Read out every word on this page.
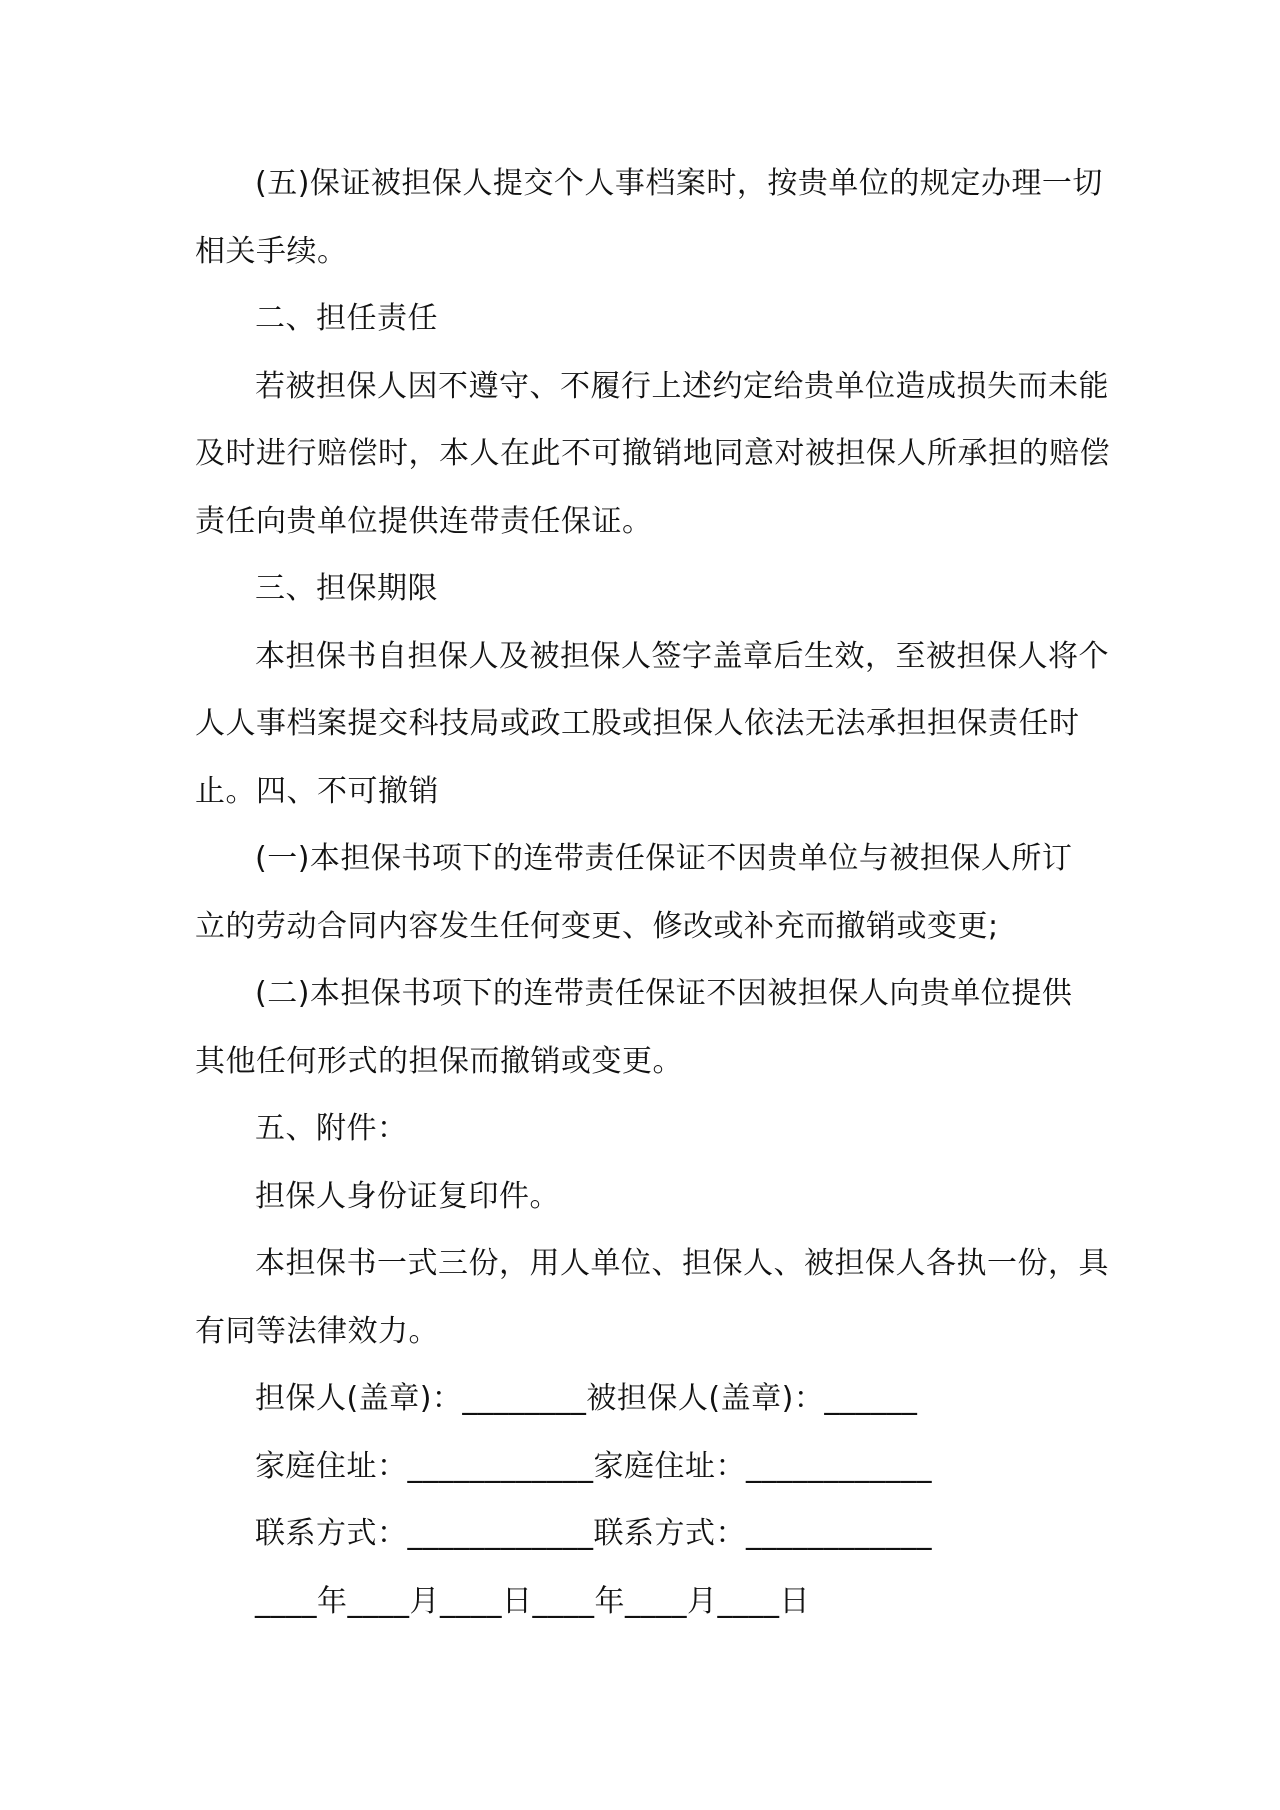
(五)保证被担保人提交个人事档案时，按贵单位的规定办理一切

相关手续。

二、担任责任

若被担保人因不遵守、不履行上述约定给贵单位造成损失而未能

及时进行赔偿时，本人在此不可撤销地同意对被担保人所承担的赔偿

责任向贵单位提供连带责任保证。

三、担保期限

本担保书自担保人及被担保人签字盖章后生效，至被担保人将个

人人事档案提交科技局或政工股或担保人依法无法承担担保责任时

止。四、不可撤销

(一)本担保书项下的连带责任保证不因贵单位与被担保人所订

立的劳动合同内容发生任何变更、修改或补充而撤销或变更;

(二)本担保书项下的连带责任保证不因被担保人向贵单位提供

其他任何形式的担保而撤销或变更。

五、附件：

担保人身份证复印件。

本担保书一式三份，用人单位、担保人、被担保人各执一份，具

有同等法律效力。

担保人(盖章)：________被担保人(盖章)：______

家庭住址：____________家庭住址：____________

联系方式：____________联系方式：____________

____年____月____日____年____月____日
